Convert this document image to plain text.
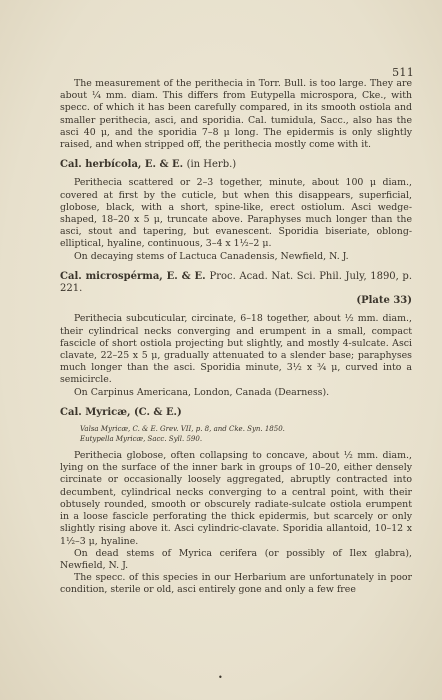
511

The measurement of the perithecia in Torr. Bull. is too large. They are about ¼ mm. diam. This differs from Eutypella microspora, Cke., with specc. of which it has been carefully compared, in its smooth ostiola and smaller perithecia, asci, and sporidia. Cal. tumidula, Sacc., also has the asci 40 μ, and the sporidia 7–8 μ long. The epidermis is only slightly raised, and when stripped off, the perithecia mostly come with it.

Cal. herbícola, E. & E. (in Herb.)

Perithecia scattered or 2–3 together, minute, about 100 μ diam., covered at first by the cuticle, but when this disappears, superficial, globose, black, with a short, spine-like, erect ostiolum. Asci wedge-shaped, 18–20 x 5 μ, truncate above. Paraphyses much longer than the asci, stout and tapering, but evanescent. Sporidia biseriate, oblong-elliptical, hyaline, continuous, 3–4 x 1½–2 μ.

On decaying stems of Lactuca Canadensis, Newfield, N. J.

Cal. microspérma, E. & E. Proc. Acad. Nat. Sci. Phil. July, 1890, p. 221.
(Plate 33)

Perithecia subcuticular, circinate, 6–18 together, about ½ mm. diam., their cylindrical necks converging and erumpent in a small, compact fascicle of short ostiola projecting but slightly, and mostly 4-sulcate. Asci clavate, 22–25 x 5 μ, gradually attenuated to a slender base; paraphyses much longer than the asci. Sporidia minute, 3½ x ¾ μ, curved into a semicircle.

On Carpinus Americana, London, Canada (Dearness).

Cal. Myricæ, (C. & E.)
Valsa Myricæ, C. & E. Grev. VII, p. 8, and Cke. Syn. 1850.
Eutypella Myricæ, Sacc. Syll. 590.

Perithecia globose, often collapsing to concave, about ½ mm. diam., lying on the surface of the inner bark in groups of 10–20, either densely circinate or occasionally loosely aggregated, abruptly contracted into decumbent, cylindrical necks converging to a central point, with their obtusely rounded, smooth or obscurely radiate-sulcate ostiola erumpent in a loose fascicle perforating the thick epidermis, but scarcely or only slightly rising above it. Asci cylindric-clavate. Sporidia allantoid, 10–12 x 1½–3 μ, hyaline.

On dead stems of Myrica cerifera (or possibly of Ilex glabra), Newfield, N. J.

The specc. of this species in our Herbarium are unfortunately in poor condition, sterile or old, asci entirely gone and only a few free

•
